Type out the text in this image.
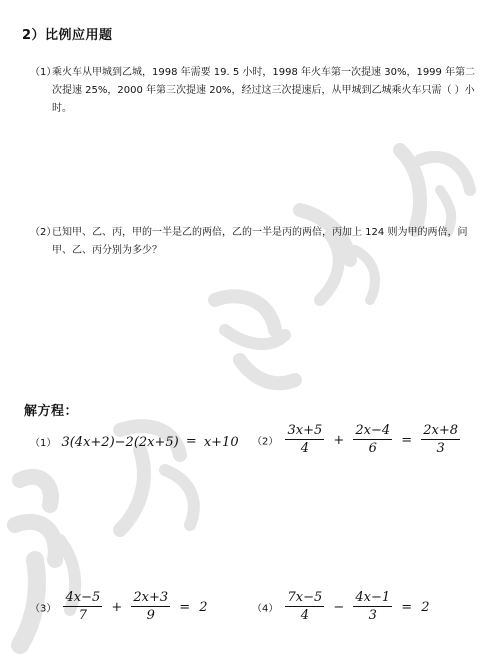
2）比例应用题
（1）
乘火车从甲城到乙城，1998 年需要 19. 5 小时，1998 年火车第一次提速 30%，1999 年第二次提速 25%，2000 年第三次提速 20%，经过这三次提速后，从甲城到乙城乘火车只需（ ）小时。
（2）
已知甲、乙、丙，甲的一半是乙的两倍，乙的一半是丙的两倍，丙加上 124 则为甲的两倍，问甲、乙、丙分别为多少？
解方程：
（1） 3(4x+2)−2(2x+5) = x+10 $(2) \frac{3x+5}{4} + \frac{2x-4}{6} = \frac{2x+8}{3}$
$(3) \frac{4x-5}{7} + \frac{2x+3}{9} = 2$	$(4) \frac{7x-5}{4} - \frac{4x-1}{3} = 2$
